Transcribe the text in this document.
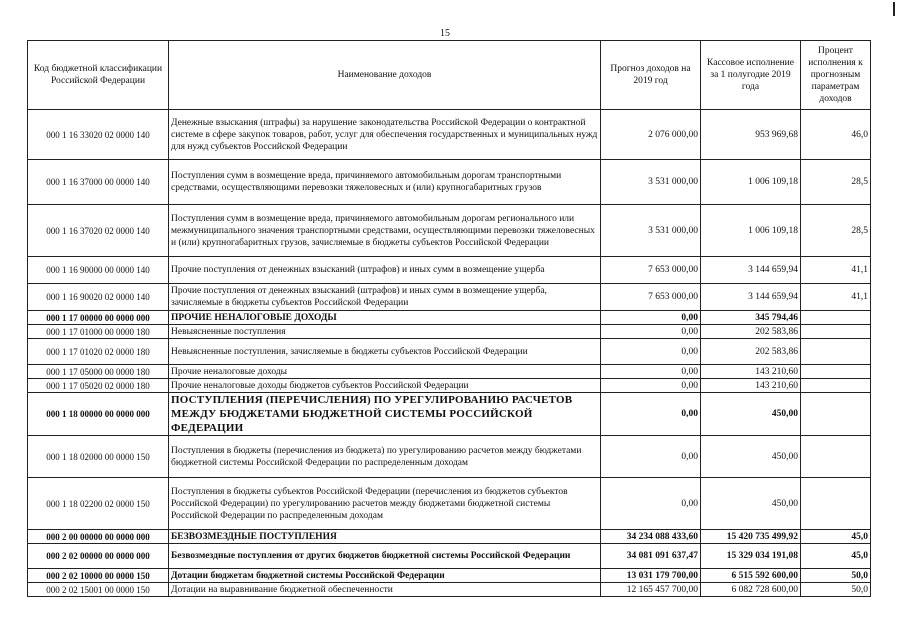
15
Код бюджетной классификации Российской Федерации	Наименование доходов	Прогноз доходов на 2019 год	Кассовое исполнение за 1 полугодие 2019 года	Процент исполнения к прогнозным параметрам доходов
000 1 16 33020 02 0000 140	Денежные взыскания (штрафы) за нарушение законодательства Российской Федерации о контрактной системе в сфере закупок товаров, работ, услуг для обеспечения государственных и муниципальных нужд для нужд субъектов Российской Федерации	2 076 000,00	953 969,68	46,0
000 1 16 37000 00 0000 140	Поступления сумм в возмещение вреда, причиняемого автомобильным дорогам транспортными средствами, осуществляющими перевозки тяжеловесных и (или) крупногабаритных грузов	3 531 000,00	1 006 109,18	28,5
000 1 16 37020 02 0000 140	Поступления сумм в возмещение вреда, причиняемого автомобильным дорогам регионального или межмуниципального значения транспортными средствами, осуществляющими перевозки тяжеловесных и (или) крупногабаритных грузов, зачисляемые в бюджеты субъектов Российской Федерации	3 531 000,00	1 006 109,18	28,5
000 1 16 90000 00 0000 140	Прочие поступления от денежных взысканий (штрафов) и иных сумм в возмещение ущерба	7 653 000,00	3 144 659,94	41,1
000 1 16 90020 02 0000 140	Прочие поступления от денежных взысканий (штрафов) и иных сумм в возмещение ущерба, зачисляемые в бюджеты субъектов Российской Федерации	7 653 000,00	3 144 659,94	41,1
000 1 17 00000 00 0000 000	ПРОЧИЕ НЕНАЛОГОВЫЕ ДОХОДЫ	0,00	345 794,46	
000 1 17 01000 00 0000 180	Невыясненные поступления	0,00	202 583,86	
000 1 17 01020 02 0000 180	Невыясненные поступления, зачисляемые в бюджеты субъектов Российской Федерации	0,00	202 583,86	
000 1 17 05000 00 0000 180	Прочие неналоговые доходы	0,00	143 210,60	
000 1 17 05020 02 0000 180	Прочие неналоговые доходы бюджетов субъектов Российской Федерации	0,00	143 210,60	
000 1 18 00000 00 0000 000	ПОСТУПЛЕНИЯ (ПЕРЕЧИСЛЕНИЯ) ПО УРЕГУЛИРОВАНИЮ РАСЧЕТОВ МЕЖДУ БЮДЖЕТАМИ БЮДЖЕТНОЙ СИСТЕМЫ РОССИЙСКОЙ ФЕДЕРАЦИИ	0,00	450,00	
000 1 18 02000 00 0000 150	Поступления в бюджеты (перечисления из бюджета) по урегулированию расчетов между бюджетами бюджетной системы Российской Федерации по распределенным доходам	0,00	450,00	
000 1 18 02200 02 0000 150	Поступления в бюджеты субъектов Российской Федерации (перечисления из бюджетов субъектов Российской Федерации) по урегулированию расчетов между бюджетами бюджетной системы Российской Федерации по распределенным доходам	0,00	450,00	
000 2 00 00000 00 0000 000	БЕЗВОЗМЕЗДНЫЕ ПОСТУПЛЕНИЯ	34 234 088 433,60	15 420 735 499,92	45,0
000 2 02 00000 00 0000 000	Безвозмездные поступления от других бюджетов бюджетной системы Российской Федерации	34 081 091 637,47	15 329 034 191,08	45,0
000 2 02 10000 00 0000 150	Дотации бюджетам бюджетной системы Российской Федерации	13 031 179 700,00	6 515 592 600,00	50,0
000 2 02 15001 00 0000 150	Дотации на выравнивание бюджетной обеспеченности	12 165 457 700,00	6 082 728 600,00	50,0
